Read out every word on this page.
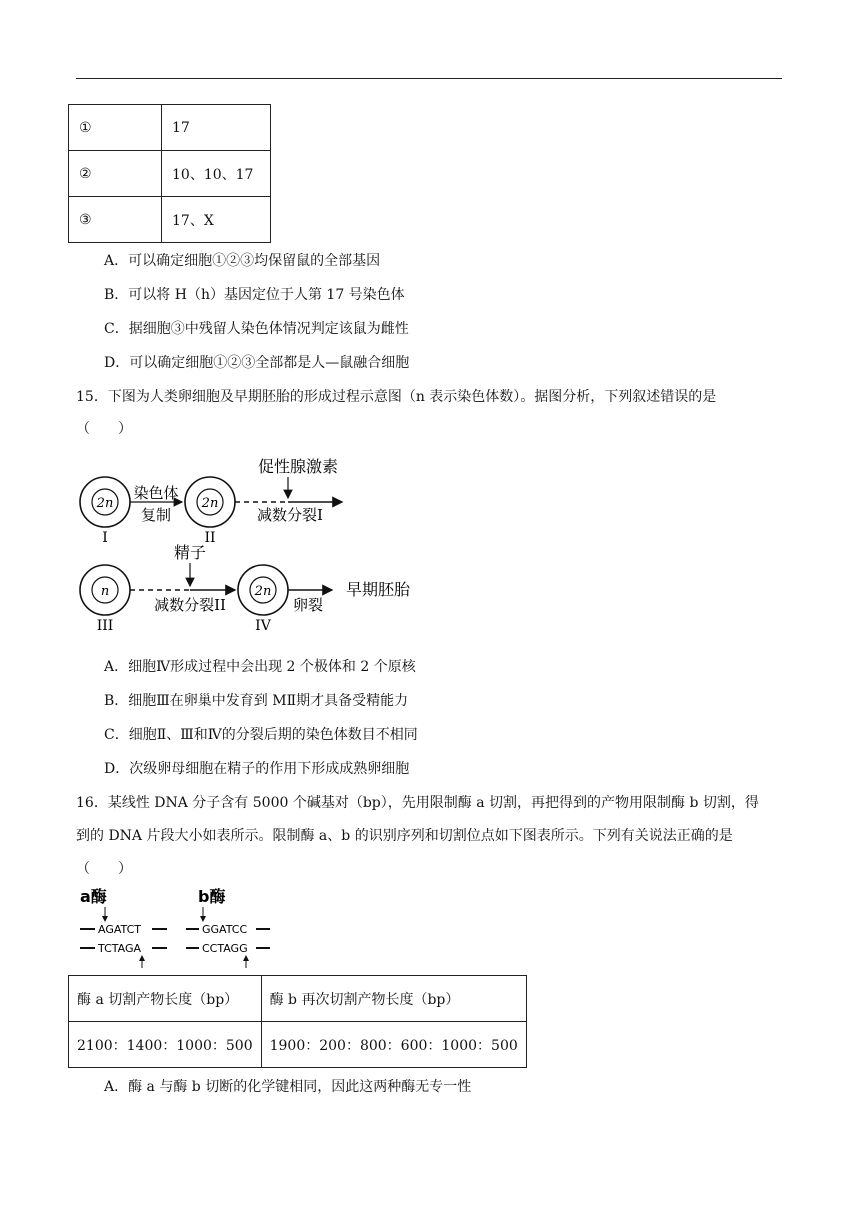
①	17
②	10、10、17
③	17、X
A．可以确定细胞①②③均保留鼠的全部基因
B．可以将 H（h）基因定位于人第 17 号染色体
C．据细胞③中残留人染色体情况判定该鼠为雌性
D．可以确定细胞①②③全部都是人—鼠融合细胞
15．下图为人类卵细胞及早期胚胎的形成过程示意图（n 表示染色体数）。据图分析，下列叙述错误的是
（　　）
2n
I
染色体
复制
2n
II
促性腺激素
减数分裂I
精子
n
III
减数分裂II
2n
IV
卵裂
早期胚胎
A．细胞Ⅳ形成过程中会出现 2 个极体和 2 个原核
B．细胞Ⅲ在卵巢中发育到 MⅡ期才具备受精能力
C．细胞Ⅱ、Ⅲ和Ⅳ的分裂后期的染色体数目不相同
D．次级卵母细胞在精子的作用下形成成熟卵细胞
16．某线性 DNA 分子含有 5000 个碱基对（bp），先用限制酶 a 切割，再把得到的产物用限制酶 b 切割，得
到的 DNA 片段大小如表所示。限制酶 a、b 的识别序列和切割位点如下图表所示。下列有关说法正确的是
（　　）
a酶
AGATCT
TCTAGA
b酶
GGATCC
CCTAGG
酶 a 切割产物长度（bp）	酶 b 再次切割产物长度（bp）
2100：1400：1000：500	1900：200：800：600：1000：500
A．酶 a 与酶 b 切断的化学键相同，因此这两种酶无专一性
